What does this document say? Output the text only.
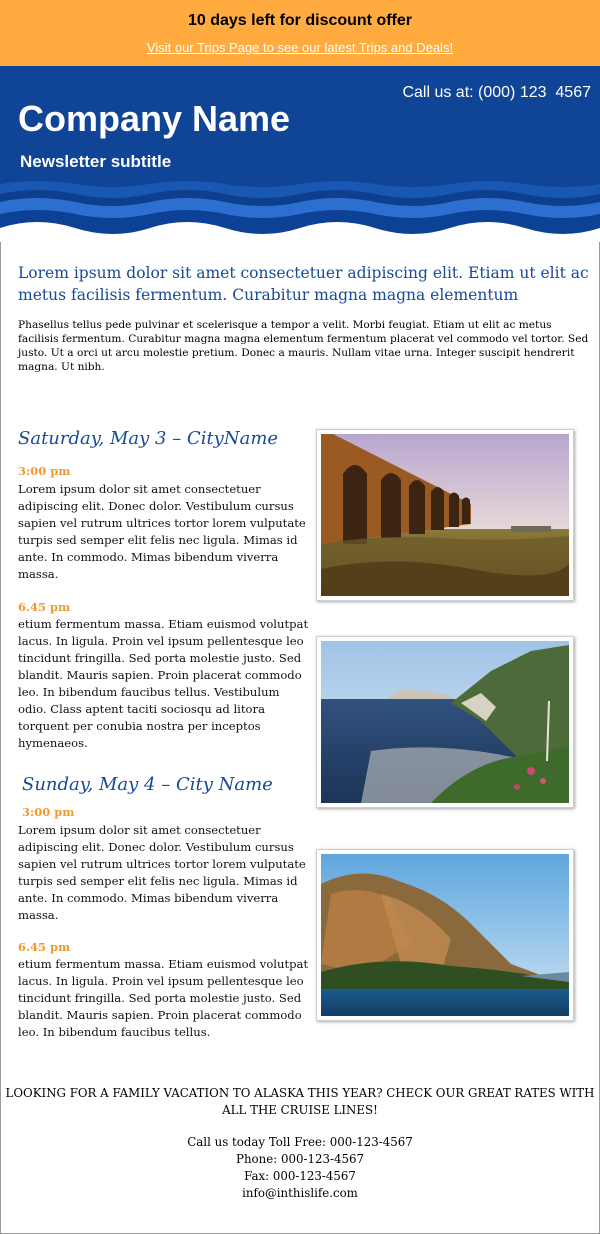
10 days left for discount offer
Visit our Trips Page to see our latest Trips and Deals!
Call us at: (000) 123  4567
Company Name
Newsletter subtitle
Lorem ipsum dolor sit amet consectetuer adipiscing elit. Etiam ut elit ac metus facilisis fermentum. Curabitur magna magna elementum
Phasellus tellus pede pulvinar et scelerisque a tempor a velit. Morbi feugiat. Etiam ut elit ac metus facilisis fermentum. Curabitur magna magna elementum fermentum placerat vel commodo vel tortor. Sed justo. Ut a orci ut arcu molestie pretium. Donec a mauris. Nullam vitae urna. Integer suscipit hendrerit magna. Ut nibh.
Saturday, May 3 – CityName
3:00 pm
Lorem ipsum dolor sit amet consectetuer adipiscing elit. Donec dolor. Vestibulum cursus sapien vel rutrum ultrices tortor lorem vulputate turpis sed semper elit felis nec ligula. Mimas id ante. In commodo. Mimas bibendum viverra massa.
6.45 pm
etium fermentum massa. Etiam euismod volutpat lacus. In ligula. Proin vel ipsum pellentesque leo tincidunt fringilla. Sed porta molestie justo. Sed blandit. Mauris sapien. Proin placerat commodo leo. In bibendum faucibus tellus. Vestibulum odio. Class aptent taciti sociosqu ad litora torquent per conubia nostra per inceptos hymenaeos.
Sunday, May 4 – City Name
3:00 pm
Lorem ipsum dolor sit amet consectetuer adipiscing elit. Donec dolor. Vestibulum cursus sapien vel rutrum ultrices tortor lorem vulputate turpis sed semper elit felis nec ligula. Mimas id ante. In commodo. Mimas bibendum viverra massa.
6.45 pm
etium fermentum massa. Etiam euismod volutpat lacus. In ligula. Proin vel ipsum pellentesque leo tincidunt fringilla. Sed porta molestie justo. Sed blandit. Mauris sapien. Proin placerat commodo leo. In bibendum faucibus tellus.
LOOKING FOR A FAMILY VACATION TO ALASKA THIS YEAR? CHECK OUR GREAT RATES WITH ALL THE CRUISE LINES!
Call us today Toll Free: 000-123-4567
Phone: 000-123-4567
Fax: 000-123-4567
info@inthislife.com
